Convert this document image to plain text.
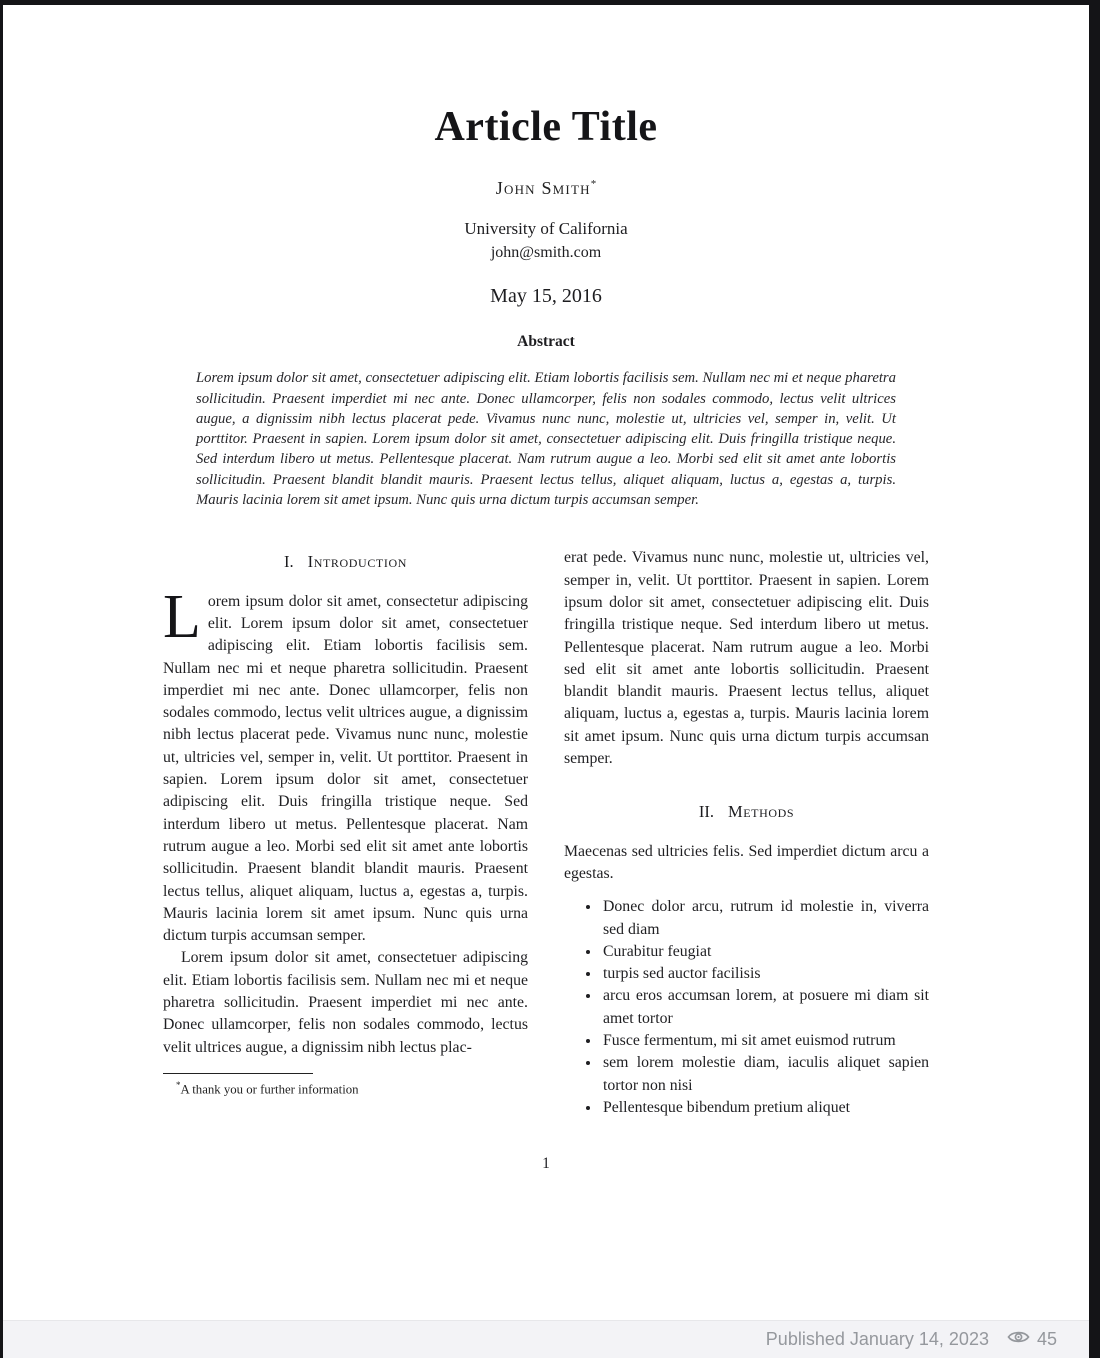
Article Title
John Smith*
University of California
john@smith.com
May 15, 2016
Abstract
Lorem ipsum dolor sit amet, consectetuer adipiscing elit. Etiam lobortis facilisis sem. Nullam nec mi et neque pharetra sollicitudin. Praesent imperdiet mi nec ante. Donec ullamcorper, felis non sodales commodo, lectus velit ultrices augue, a dignissim nibh lectus placerat pede. Vivamus nunc nunc, molestie ut, ultricies vel, semper in, velit. Ut porttitor. Praesent in sapien. Lorem ipsum dolor sit amet, consectetuer adipiscing elit. Duis fringilla tristique neque. Sed interdum libero ut metus. Pellentesque placerat. Nam rutrum augue a leo. Morbi sed elit sit amet ante lobortis sollicitudin. Praesent blandit blandit mauris. Praesent lectus tellus, aliquet aliquam, luctus a, egestas a, turpis. Mauris lacinia lorem sit amet ipsum. Nunc quis urna dictum turpis accumsan semper.
I. Introduction

Lorem ipsum dolor sit amet, consectetur adipiscing elit. Lorem ipsum dolor sit amet, consectetuer adipiscing elit. Etiam lobortis facilisis sem. Nullam nec mi et neque pharetra sollicitudin. Praesent imperdiet mi nec ante. Donec ullamcorper, felis non sodales commodo, lectus velit ultrices augue, a dignissim nibh lectus placerat pede. Vivamus nunc nunc, molestie ut, ultricies vel, semper in, velit. Ut porttitor. Praesent in sapien. Lorem ipsum dolor sit amet, consectetuer adipiscing elit. Duis fringilla tristique neque. Sed interdum libero ut metus. Pellentesque placerat. Nam rutrum augue a leo. Morbi sed elit sit amet ante lobortis sollicitudin. Praesent blandit blandit mauris. Praesent lectus tellus, aliquet aliquam, luctus a, egestas a, turpis. Mauris lacinia lorem sit amet ipsum. Nunc quis urna dictum turpis accumsan semper.

Lorem ipsum dolor sit amet, consectetuer adipiscing elit. Etiam lobortis facilisis sem. Nullam nec mi et neque pharetra sollicitudin. Praesent imperdiet mi nec ante. Donec ullamcorper, felis non sodales commodo, lectus velit ultrices augue, a dignissim nibh lectus plac-

*A thank you or further information

erat pede. Vivamus nunc nunc, molestie ut, ultricies vel, semper in, velit. Ut porttitor. Praesent in sapien. Lorem ipsum dolor sit amet, consectetuer adipiscing elit. Duis fringilla tristique neque. Sed interdum libero ut metus. Pellentesque placerat. Nam rutrum augue a leo. Morbi sed elit sit amet ante lobortis sollicitudin. Praesent blandit blandit mauris. Praesent lectus tellus, aliquet aliquam, luctus a, egestas a, turpis. Mauris lacinia lorem sit amet ipsum. Nunc quis urna dictum turpis accumsan semper.

II. Methods

Maecenas sed ultricies felis. Sed imperdiet dictum arcu a egestas.

• Donec dolor arcu, rutrum id molestie in, viverra sed diam
• Curabitur feugiat
• turpis sed auctor facilisis
• arcu eros accumsan lorem, at posuere mi diam sit amet tortor
• Fusce fermentum, mi sit amet euismod rutrum
• sem lorem molestie diam, iaculis aliquet sapien tortor non nisi
• Pellentesque bibendum pretium aliquet
1
Published January 14, 2023	45
